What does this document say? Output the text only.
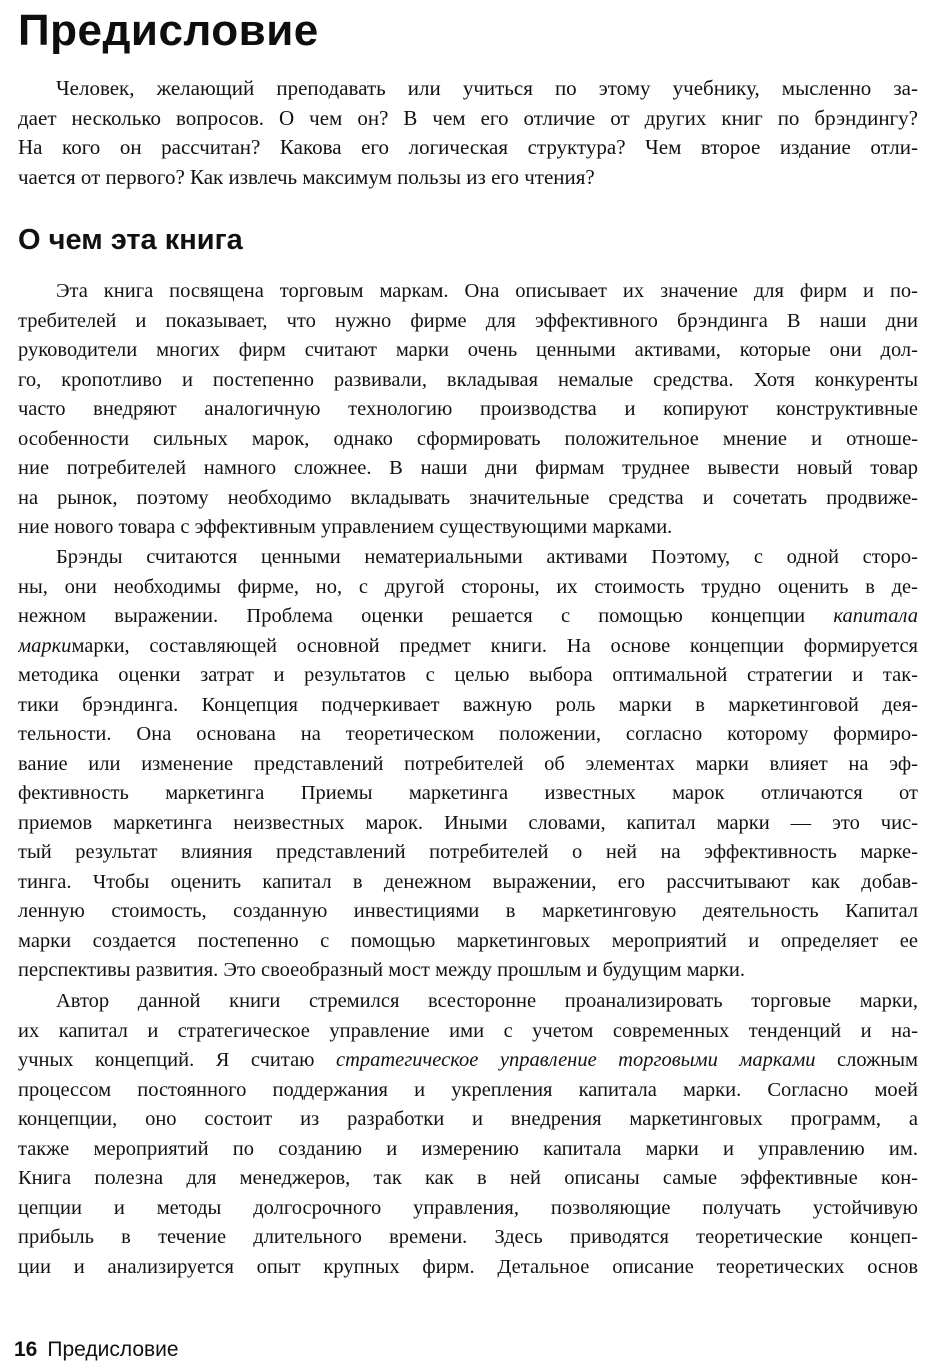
Предисловие
Человек, желающий преподавать или учиться по этому учебнику, мысленно за-
дает несколько вопросов. О чем он? В чем его отличие от других книг по брэндингу?
На кого он рассчитан? Какова его логическая структура? Чем второе издание отли-
чается от первого? Как извлечь максимум пользы из его чтения?
О чем эта книга
Эта книга посвящена торговым маркам. Она описывает их значение для фирм и по-
требителей и показывает, что нужно фирме для эффективного брэндинга В наши дни
руководители многих фирм считают марки очень ценными активами, которые они дол-
го, кропотливо и постепенно развивали, вкладывая немалые средства. Хотя конкуренты
часто внедряют аналогичную технологию производства и копируют конструктивные
особенности сильных марок, однако сформировать положительное мнение и отноше-
ние потребителей намного сложнее. В наши дни фирмам труднее вывести новый товар
на рынок, поэтому необходимо вкладывать значительные средства и сочетать продвиже-
ние нового товара с эффективным управлением существующими марками.
Брэнды считаются ценными нематериальными активами Поэтому, с одной сторо-
ны, они необходимы фирме, но, с другой стороны, их стоимость трудно оценить в де-
нежном выражении. Проблема оценки решается с помощью концепции капитала
маркимарки, составляющей основной предмет книги. На основе концепции формируется
методика оценки затрат и результатов с целью выбора оптимальной стратегии и так-
тики брэндинга. Концепция подчеркивает важную роль марки в маркетинговой дея-
тельности. Она основана на теоретическом положении, согласно которому формиро-
вание или изменение представлений потребителей об элементах марки влияет на эф-
фективность маркетинга Приемы маркетинга известных марок отличаются от
приемов маркетинга неизвестных марок. Иными словами, капитал марки — это чис-
тый результат влияния представлений потребителей о ней на эффективность марке-
тинга. Чтобы оценить капитал в денежном выражении, его рассчитывают как добав-
ленную стоимость, созданную инвестициями в маркетинговую деятельность Капитал
марки создается постепенно с помощью маркетинговых мероприятий и определяет ее
перспективы развития. Это своеобразный мост между прошлым и будущим марки.
Автор данной книги стремился всесторонне проанализировать торговые марки,
их капитал и стратегическое управление ими с учетом современных тенденций и на-
учных концепций. Я считаю стратегическое управление торговыми марками сложным
процессом постоянного поддержания и укрепления капитала марки. Согласно моей
концепции, оно состоит из разработки и внедрения маркетинговых программ, а
также мероприятий по созданию и измерению капитала марки и управлению им.
Книга полезна для менеджеров, так как в ней описаны самые эффективные кон-
цепции и методы долгосрочного управления, позволяющие получать устойчивую
прибыль в течение длительного времени. Здесь приводятся теоретические концеп-
ции и анализируется опыт крупных фирм. Детальное описание теоретических основ
16 Предисловие
